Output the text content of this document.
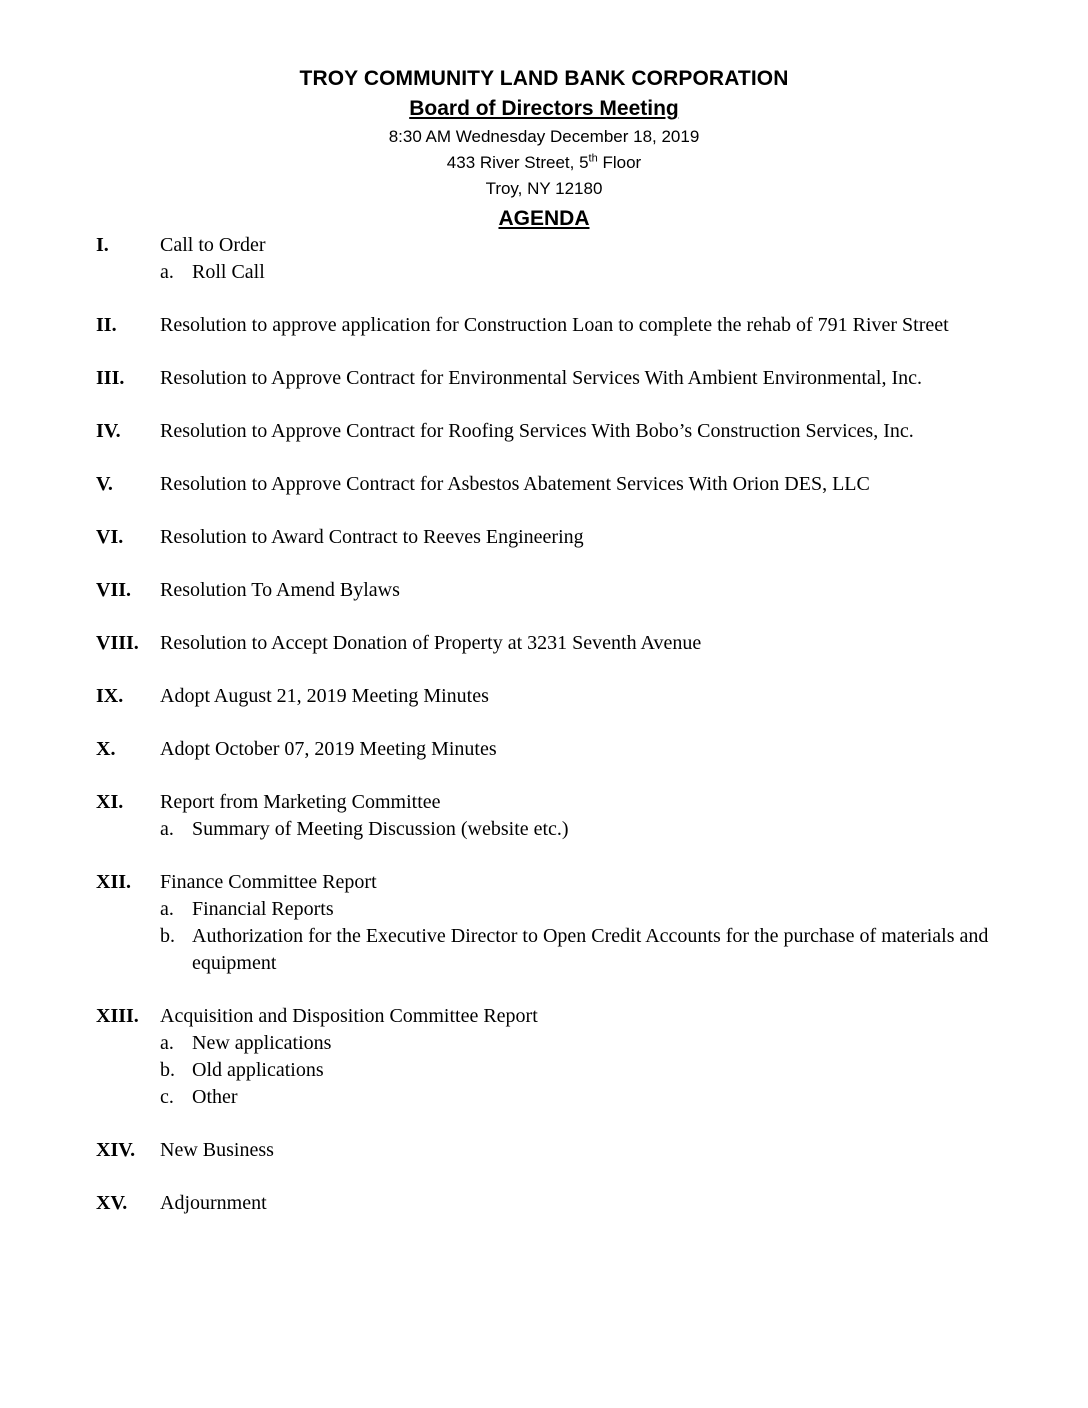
TROY COMMUNITY LAND BANK CORPORATION
Board of Directors Meeting
8:30 AM Wednesday December 18, 2019
433 River Street, 5th Floor
Troy, NY 12180
AGENDA
I.	Call to Order
a. Roll Call
II. Resolution to approve application for Construction Loan to complete the rehab of 791 River Street
III. Resolution to Approve Contract for Environmental Services With Ambient Environmental, Inc.
IV. Resolution to Approve Contract for Roofing Services With Bobo’s Construction Services, Inc.
V. Resolution to Approve Contract for Asbestos Abatement Services With Orion DES, LLC
VI. Resolution to Award Contract to Reeves Engineering
VII. Resolution To Amend Bylaws
VIII. Resolution to Accept Donation of Property at 3231 Seventh Avenue
IX. Adopt August 21, 2019 Meeting Minutes
X. Adopt October 07, 2019 Meeting Minutes
XI. Report from Marketing Committee
a. Summary of Meeting Discussion (website etc.)
XII. Finance Committee Report
a. Financial Reports
b. Authorization for the Executive Director to Open Credit Accounts for the purchase of materials and equipment
XIII. Acquisition and Disposition Committee Report
a. New applications
b. Old applications
c. Other
XIV. New Business
XV. Adjournment
